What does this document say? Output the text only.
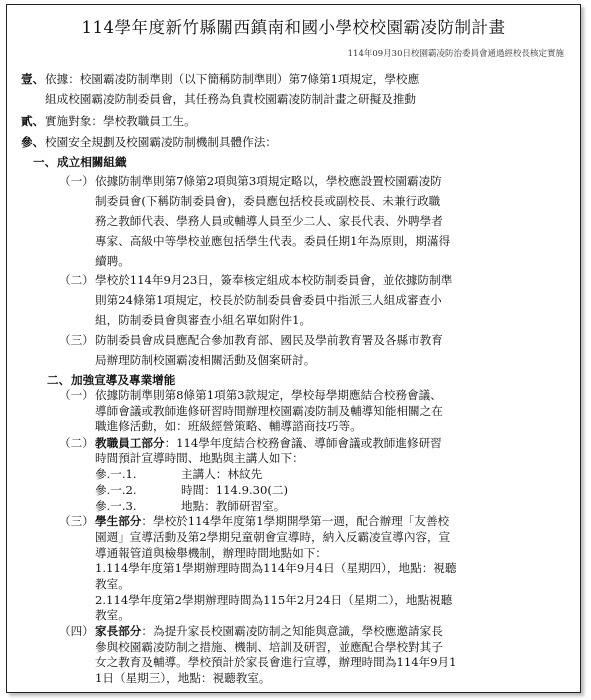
114學年度新竹縣關西鎮南和國小學校校園霸凌防制計畫
114年09月30日校園霸凌防治委員會通過經校長核定實施
壹、 依據：校園霸凌防制準則（以下簡稱防制準則）第7條第1項規定，學校應
組成校園霸凌防制委員會，其任務為負責校園霸凌防制計畫之研擬及推動
貳、 實施對象：學校教職員工生。
參、 校園安全規劃及校園霸凌防制機制具體作法：
一、 成立相關組織
（一） 依據防制準則第7條第2項與第3項規定略以，學校應設置校園霸凌防
制委員會(下稱防制委員會)，委員應包括校長或副校長、未兼行政職
務之教師代表、學務人員或輔導人員至少二人、家長代表、外聘學者
專家、高級中等學校並應包括學生代表。委員任期1年為原則，期滿得
續聘。
（二） 學校於114年9月23日，簽奉核定組成本校防制委員會，並依據防制準
則第24條第1項規定，校長於防制委員會委員中指派三人組成審查小
組，防制委員會與審查小組名單如附件1。
（三） 防制委員會成員應配合參加教育部、國民及學前教育署及各縣市教育
局辦理防制校園霸凌相關活動及個案研討。
二、 加強宣導及專業增能
（一） 依據防制準則第8條第1項第3款規定，學校每學期應結合校務會議、
導師會議或教師進修研習時間辦理校園霸凌防制及輔導知能相關之在
職進修活動，如：班級經營策略、輔導諮商技巧等。
（二） 教職員工部分：114學年度結合校務會議、導師會議或教師進修研習
時間預計宣導時間、地點與主講人如下：
參.一.1.	主講人：林紋先
參.一.2.	時間：114.9.30(二)
參.一.3.	地點：教師研習室。
（三） 學生部分：學校於114學年度第1學期開學第一週，配合辦理「友善校
園週」宣導活動及第2學期兒童朝會宣導時，納入反霸凌宣導內容，宣
導通報管道與檢舉機制，辦理時間地點如下：
1.114學年度第1學期辦理時間為114年9月4日（星期四），地點：視聽
教室。
2.114學年度第2學期辦理時間為115年2月24日（星期二），地點視聽
教室。
（四） 家長部分：為提升家長校園霸凌防制之知能與意識，學校應邀請家長
參與校園霸凌防制之措施、機制、培訓及研習，並應配合學校對其子
女之教育及輔導。學校預計於家長會進行宣導，辦理時間為114年9月1
1日（星期三），地點：視聽教室。
